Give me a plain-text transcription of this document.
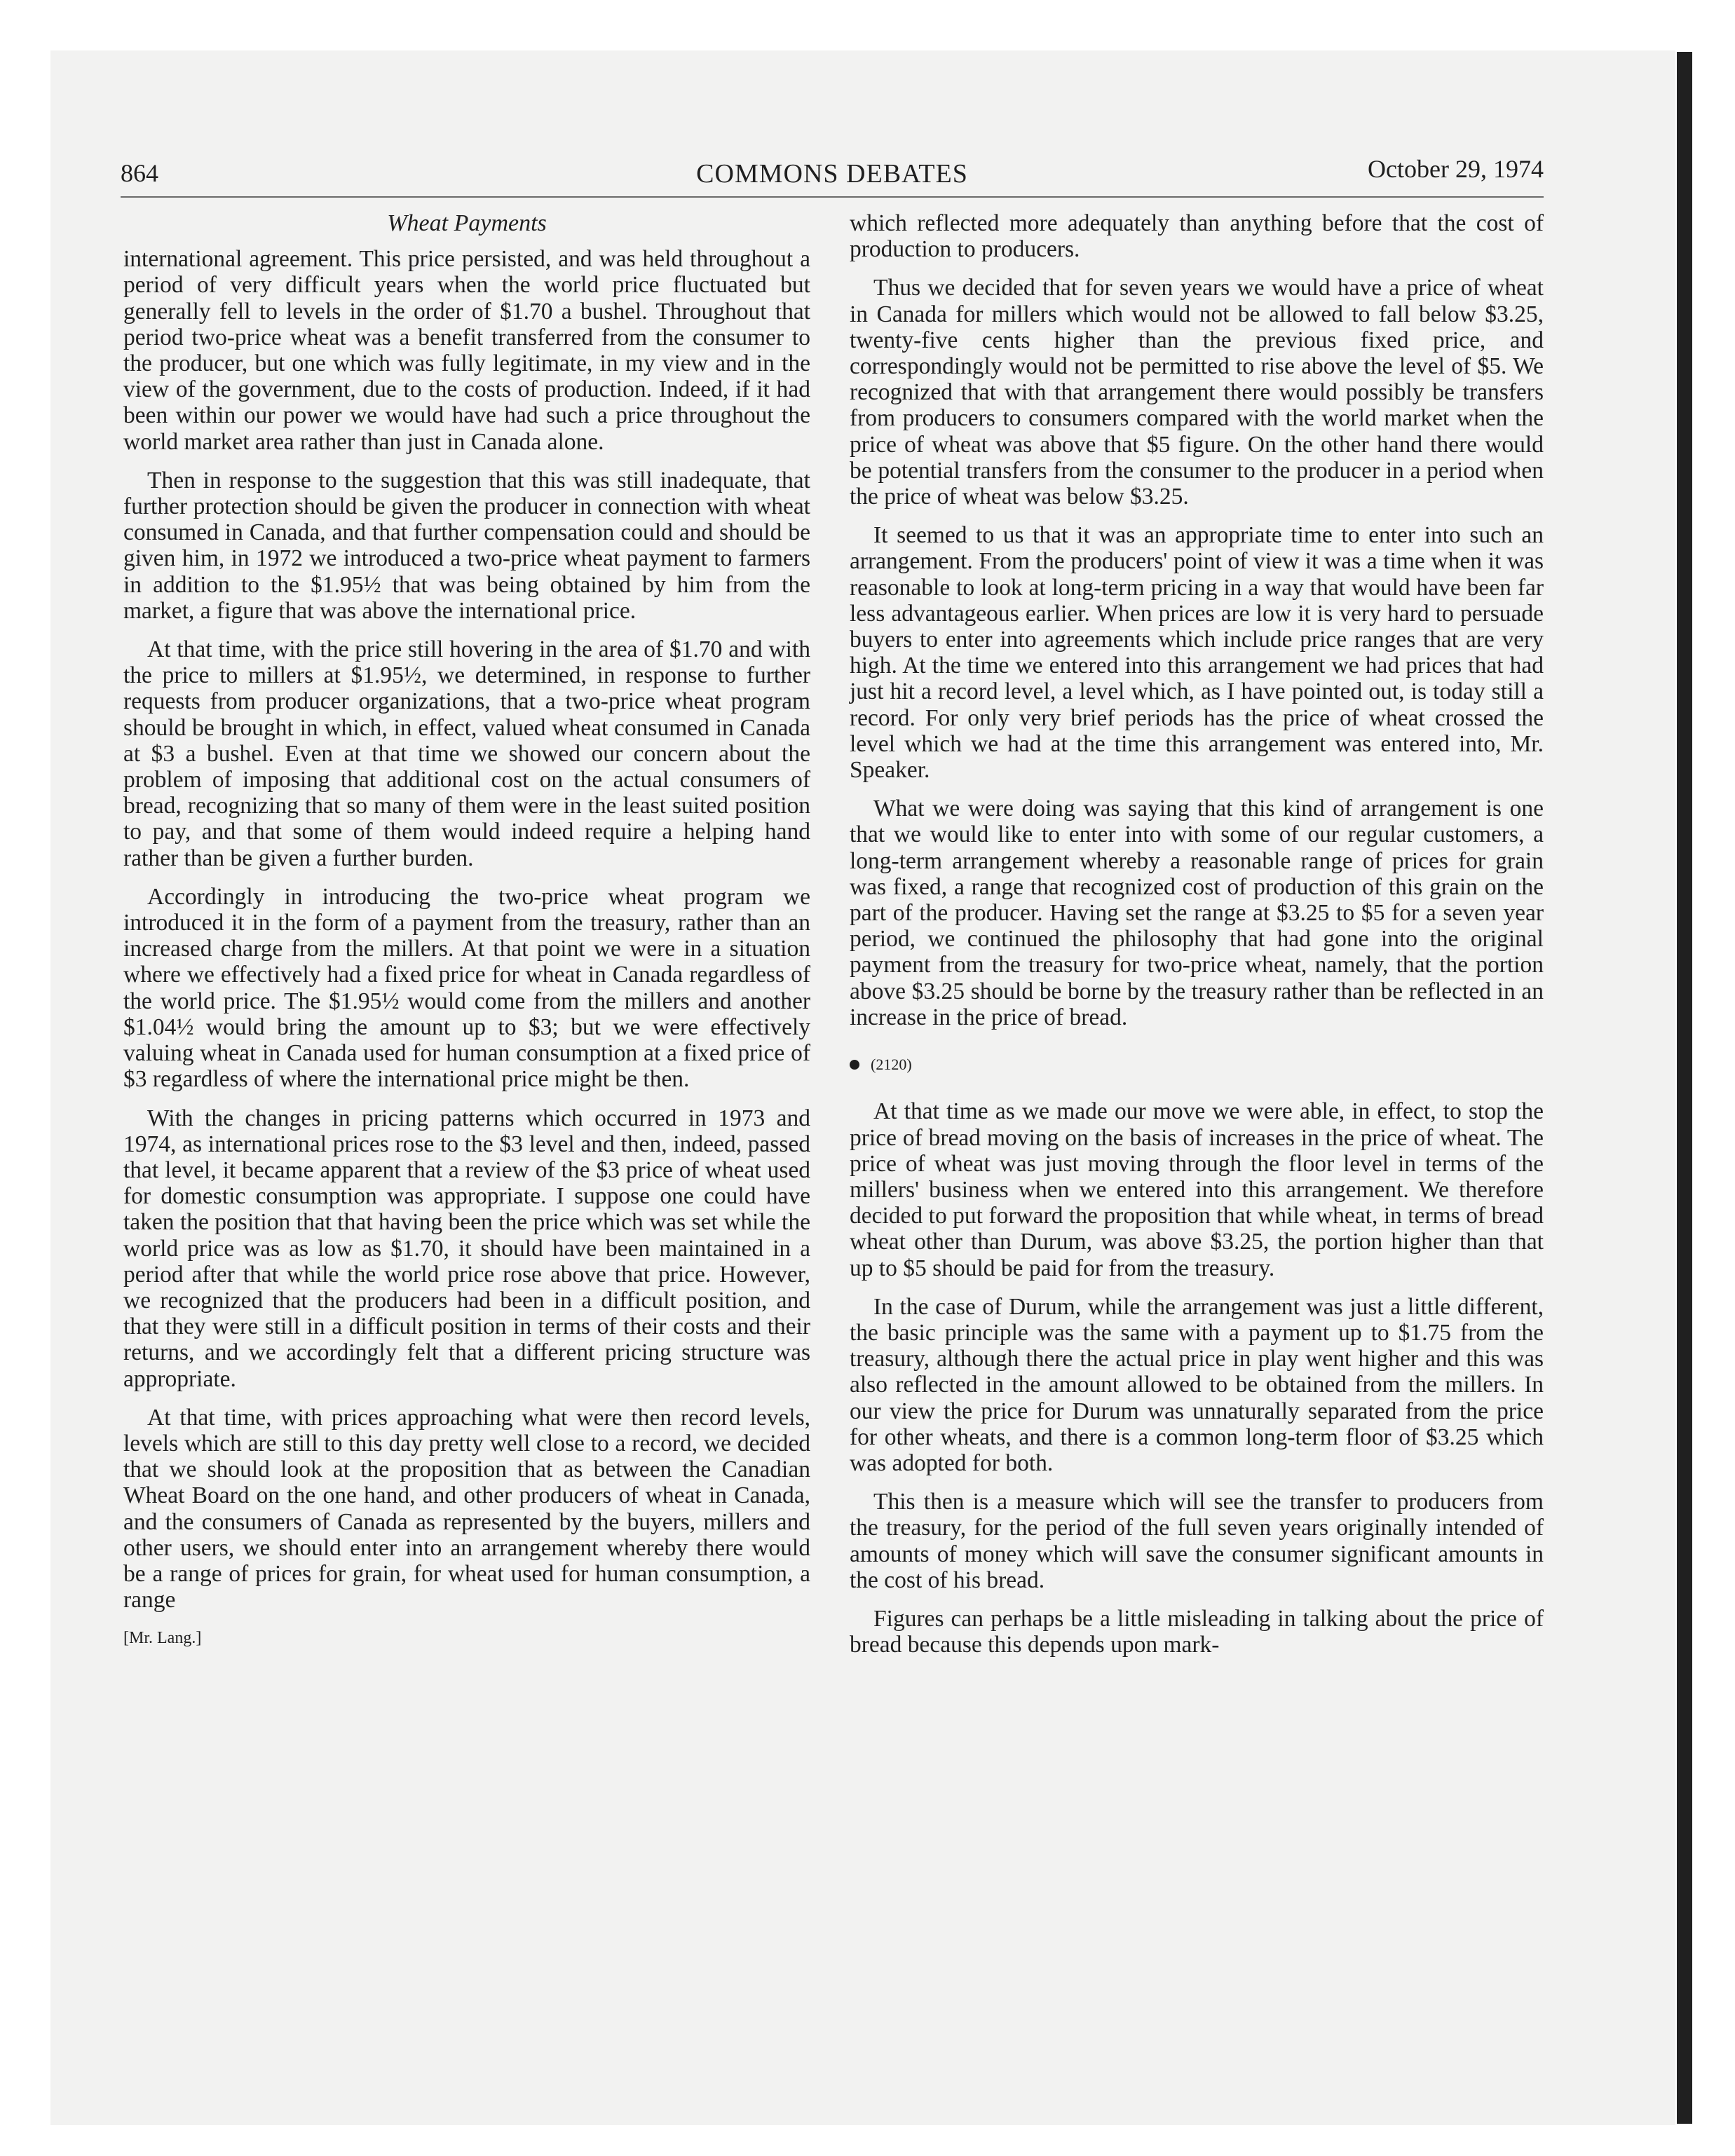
864	COMMONS DEBATES	October 29, 1974
Wheat Payments

international agreement. This price persisted, and was held throughout a period of very difficult years when the world price fluctuated but generally fell to levels in the order of $1.70 a bushel. Throughout that period two-price wheat was a benefit transferred from the consumer to the producer, but one which was fully legitimate, in my view and in the view of the government, due to the costs of production. Indeed, if it had been within our power we would have had such a price throughout the world market area rather than just in Canada alone.

Then in response to the suggestion that this was still inadequate, that further protection should be given the producer in connection with wheat consumed in Canada, and that further compensation could and should be given him, in 1972 we introduced a two-price wheat payment to farmers in addition to the $1.95½ that was being obtained by him from the market, a figure that was above the international price.

At that time, with the price still hovering in the area of $1.70 and with the price to millers at $1.95½, we determined, in response to further requests from producer organizations, that a two-price wheat program should be brought in which, in effect, valued wheat consumed in Canada at $3 a bushel. Even at that time we showed our concern about the problem of imposing that additional cost on the actual consumers of bread, recognizing that so many of them were in the least suited position to pay, and that some of them would indeed require a helping hand rather than be given a further burden.

Accordingly in introducing the two-price wheat program we introduced it in the form of a payment from the treasury, rather than an increased charge from the millers. At that point we were in a situation where we effectively had a fixed price for wheat in Canada regardless of the world price. The $1.95½ would come from the millers and another $1.04½ would bring the amount up to $3; but we were effectively valuing wheat in Canada used for human consumption at a fixed price of $3 regardless of where the international price might be then.

With the changes in pricing patterns which occurred in 1973 and 1974, as international prices rose to the $3 level and then, indeed, passed that level, it became apparent that a review of the $3 price of wheat used for domestic consumption was appropriate. I suppose one could have taken the position that that having been the price which was set while the world price was as low as $1.70, it should have been maintained in a period after that while the world price rose above that price. However, we recognized that the producers had been in a difficult position, and that they were still in a difficult position in terms of their costs and their returns, and we accordingly felt that a different pricing structure was appropriate.

At that time, with prices approaching what were then record levels, levels which are still to this day pretty well close to a record, we decided that we should look at the proposition that as between the Canadian Wheat Board on the one hand, and other producers of wheat in Canada, and the consumers of Canada as represented by the buyers, millers and other users, we should enter into an arrangement whereby there would be a range of prices for grain, for wheat used for human consumption, a range

[Mr. Lang.]

which reflected more adequately than anything before that the cost of production to producers.

Thus we decided that for seven years we would have a price of wheat in Canada for millers which would not be allowed to fall below $3.25, twenty-five cents higher than the previous fixed price, and correspondingly would not be permitted to rise above the level of $5. We recognized that with that arrangement there would possibly be transfers from producers to consumers compared with the world market when the price of wheat was above that $5 figure. On the other hand there would be potential transfers from the consumer to the producer in a period when the price of wheat was below $3.25.

It seemed to us that it was an appropriate time to enter into such an arrangement. From the producers' point of view it was a time when it was reasonable to look at long-term pricing in a way that would have been far less advantageous earlier. When prices are low it is very hard to persuade buyers to enter into agreements which include price ranges that are very high. At the time we entered into this arrangement we had prices that had just hit a record level, a level which, as I have pointed out, is today still a record. For only very brief periods has the price of wheat crossed the level which we had at the time this arrangement was entered into, Mr. Speaker.

What we were doing was saying that this kind of arrangement is one that we would like to enter into with some of our regular customers, a long-term arrangement whereby a reasonable range of prices for grain was fixed, a range that recognized cost of production of this grain on the part of the producer. Having set the range at $3.25 to $5 for a seven year period, we continued the philosophy that had gone into the original payment from the treasury for two-price wheat, namely, that the portion above $3.25 should be borne by the treasury rather than be reflected in an increase in the price of bread.

(2120)

At that time as we made our move we were able, in effect, to stop the price of bread moving on the basis of increases in the price of wheat. The price of wheat was just moving through the floor level in terms of the millers' business when we entered into this arrangement. We therefore decided to put forward the proposition that while wheat, in terms of bread wheat other than Durum, was above $3.25, the portion higher than that up to $5 should be paid for from the treasury.

In the case of Durum, while the arrangement was just a little different, the basic principle was the same with a payment up to $1.75 from the treasury, although there the actual price in play went higher and this was also reflected in the amount allowed to be obtained from the millers. In our view the price for Durum was unnaturally separated from the price for other wheats, and there is a common long-term floor of $3.25 which was adopted for both.

This then is a measure which will see the transfer to producers from the treasury, for the period of the full seven years originally intended of amounts of money which will save the consumer significant amounts in the cost of his bread.

Figures can perhaps be a little misleading in talking about the price of bread because this depends upon mark-
